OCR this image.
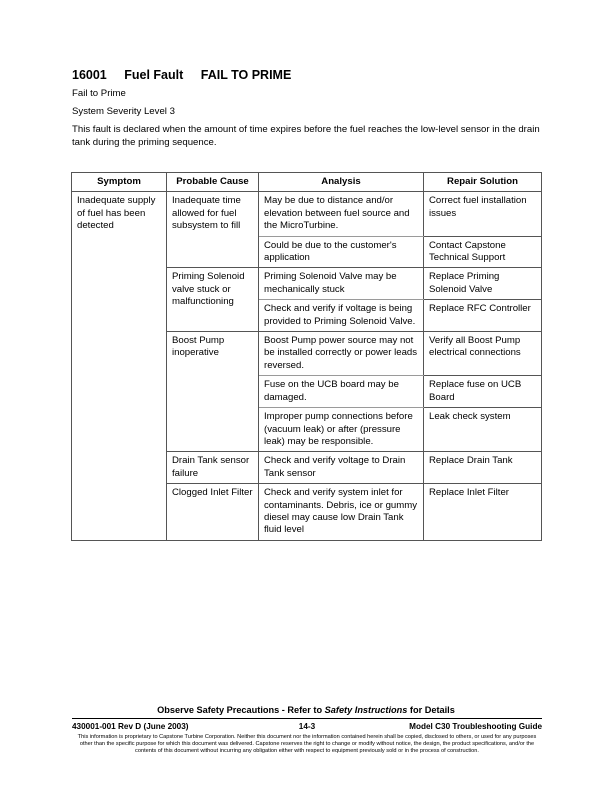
16001 Fuel Fault FAIL TO PRIME
Fail to Prime
System Severity Level 3
This fault is declared when the amount of time expires before the fuel reaches the low-level sensor in the drain tank during the priming sequence.
Symptom	Probable Cause	Analysis	Repair Solution
Inadequate supply of fuel has been detected	Inadequate time allowed for fuel subsystem to fill	May be due to distance and/or elevation between fuel source and the MicroTurbine.	Correct fuel installation issues
		Could be due to the customer's application	Contact Capstone Technical Support
	Priming Solenoid valve stuck or malfunctioning	Priming Solenoid Valve may be mechanically stuck	Replace Priming Solenoid Valve
		Check and verify if voltage is being provided to Priming Solenoid Valve.	Replace RFC Controller
	Boost Pump inoperative	Boost Pump power source may not be installed correctly or power leads reversed.	Verify all Boost Pump electrical connections
		Fuse on the UCB board may be damaged.	Replace fuse on UCB Board
		Improper pump connections before (vacuum leak) or after (pressure leak) may be responsible.	Leak check system
	Drain Tank sensor failure	Check and verify voltage to Drain Tank sensor	Replace Drain Tank
	Clogged Inlet Filter	Check and verify system inlet for contaminants. Debris, ice or gummy diesel may cause low Drain Tank fluid level	Replace Inlet Filter
Observe Safety Precautions - Refer to Safety Instructions for Details
430001-001 Rev D (June 2003)	14-3	Model C30 Troubleshooting Guide
This information is proprietary to Capstone Turbine Corporation. Neither this document nor the information contained herein shall be copied, disclosed to others, or used for any purposes other than the specific purpose for which this document was delivered. Capstone reserves the right to change or modify without notice, the design, the product specifications, and/or the contents of this document without incurring any obligation either with respect to equipment previously sold or in the process of construction.
